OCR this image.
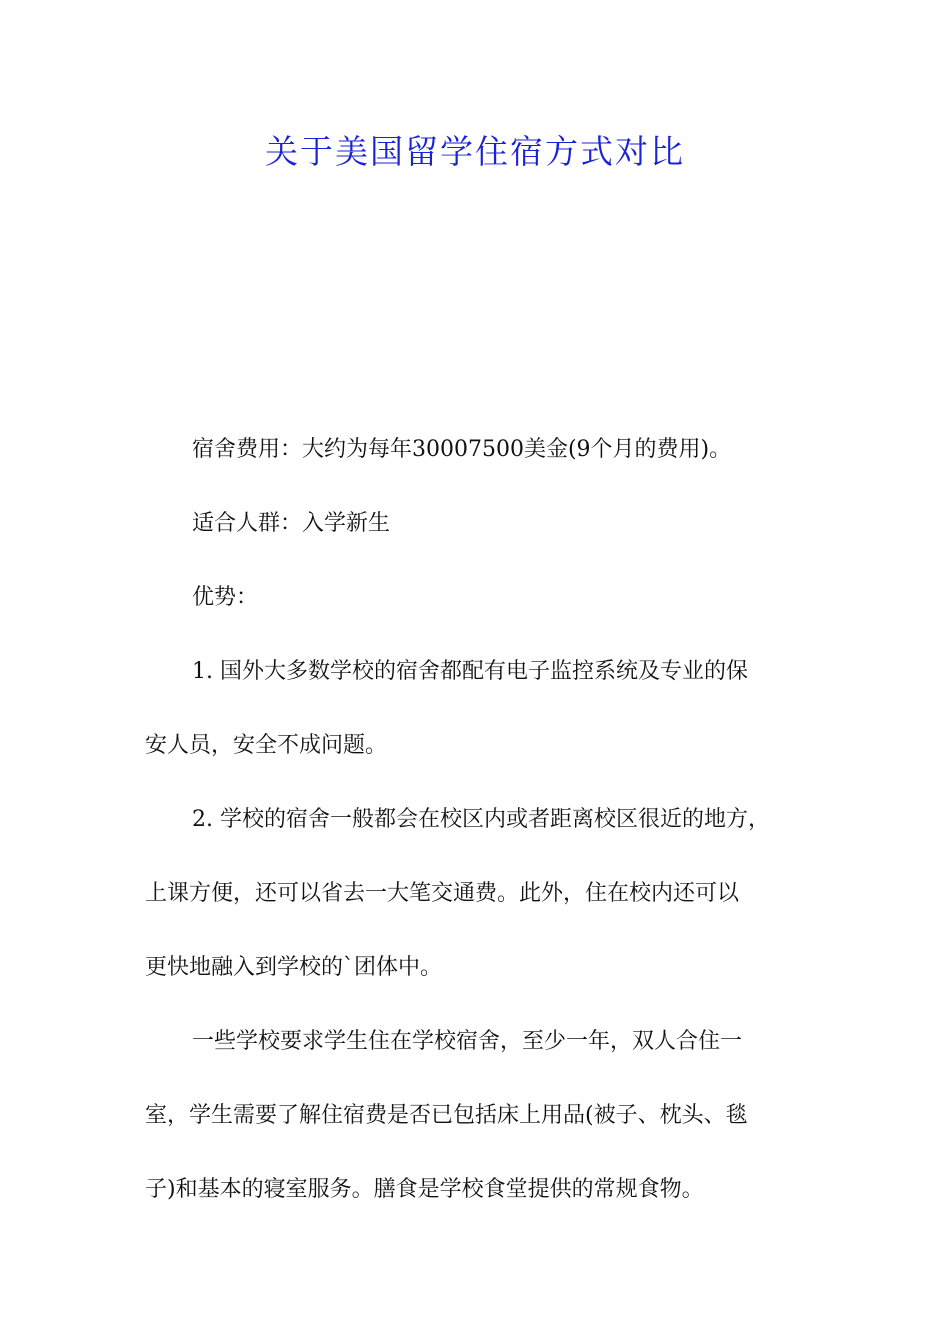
关于美国留学住宿方式对比

宿舍费用：大约为每年30007500美金(9个月的费用)。

适合人群：入学新生

优势：

1. 国外大多数学校的宿舍都配有电子监控系统及专业的保
安人员，安全不成问题。

2. 学校的宿舍一般都会在校区内或者距离校区很近的地方，
上课方便，还可以省去一大笔交通费。此外，住在校内还可以
更快地融入到学校的`团体中。

一些学校要求学生住在学校宿舍，至少一年，双人合住一
室，学生需要了解住宿费是否已包括床上用品(被子、枕头、毯
子)和基本的寝室服务。膳食是学校食堂提供的常规食物。
